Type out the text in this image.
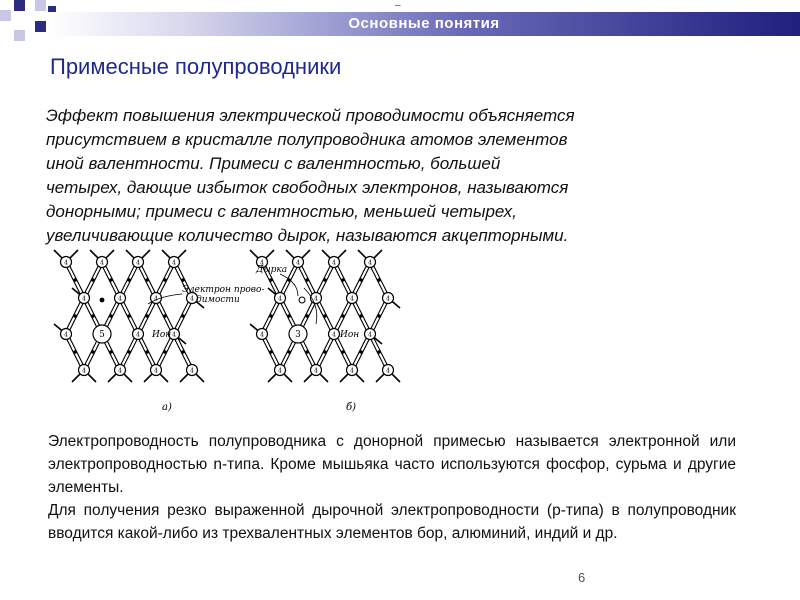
–
Основные понятия
Примесные полупроводники
Эффект повышения электрической проводимости объясняется присутствием в кристалле полупроводника атомов элементов иной валентности. Примеси с валентностью, большей четырех, дающие избыток свободных электронов, называются донорными; примеси с валентностью, меньшей четырех, увеличивающие количество дырок, называются акцепторными.
4	4	4	4
4	4	4	4
4	5	4	4
4	4	4	4
4	4	4	4
4	4	4	4
4	3	4	4
4	4	4	4
Электрон прово-
димости
Ион
а)
Дырка
Ион
б)

Электропроводность полупроводника с донорной примесью называется электронной или электропроводностью n-типа. Кроме мышьяка часто используются фосфор, сурьма и другие элементы.

Для получения резко выраженной дырочной электропроводности (p-типа) в полупроводник вводится какой-либо из трехвалентных элементов бор, алюминий, индий и др.

6
